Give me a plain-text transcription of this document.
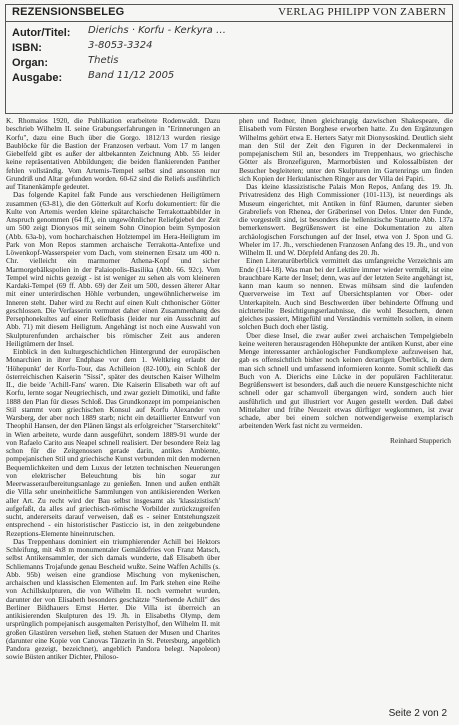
REZENSIONSBELEG	VERLAG PHILIPP VON ZABERN
Autor/Titel: Dierichs · Korfu - Kerkyra …
ISBN:	3-8053-3324
Organ:	Thetis
Ausgabe:	Band 11/12 2005

K. Rhomaios 1920, die Publikation erarbeitete Rodenwaldt. Dazu beschrieb Wilhelm II. seine Grabungserfahrungen in "Erinnerungen an Korfu", dazu eine Buch über die Gorgo. 1812/13 wurden riesige Baublöcke für die Bastion der Franzosen verbaut. Vom 17 m langen Giebelfeld gibt es außer der altbekannten Zeichnung Abb. 55 leider keine repräsentativen Abbildungen; die beiden flankierenden Panther fehlen vollständig. Vom Artemis-Tempel selbst sind ansonsten nur Grundriß und Altar gefunden worden. 60-62 sind die Reliefs ausführlich auf Titanenkämpfe gedeutet.

Das folgende Kapitel faßt Funde aus verschiedenen Heiligtümern zusammen (63-81), die den Götterkult auf Korfu dokumentiert: für die Kulte von Artemis werden kleine spätarchaische Terrakottaabbilder in Anspruch genommen (64 ff.), ein ungewöhnlicher Reliefgiebel der Zeit um 500 zeigt Dionysos mit seinem Sohn Oinopion beim Symposion (Abb. 63a-b), vom hocharchaischen Holztempel im Hera-Heiligtum im Park von Mon Repos stammen archaische Terrakotta-Antefixe und Löwenkopf-Wasserspeier vom Dach, vom steinernen Ersatz um 400 n. Chr. vielleicht ein marmorner Athena-Kopf und sicher Marmorgebälkspolien in der Palaiopolis-Basilika (Abb. 66. 92c). Vom Tempel wird nichts gezeigt - ist ist weniger zu sehen als vom kleineren Kardaki-Tempel (69 ff. Abb. 69) der Zeit um 500, dessen älterer Altar mit einer unterirdischen Höhle verbunden, ungewöhnlicherweise im Inneren steht. Daher wird zu Recht auf einen Kult chthonischer Götter geschlossen. Die Verfasserin vermutet daher einen Zusammenhang des Persephonekultes auf einer Reliefbasis (leider nur ein Ausschnitt auf Abb. 71) mit diesem Heiligtum. Angehängt ist noch eine Auswahl von Skulpturenfunden archaischer bis römischer Zeit aus anderen Heiligtümern der Insel.

Einblick in den kulturgeschichtlichen Hintergrund der europäischen Monarchien in ihrer Endphase vor dem 1. Weltkrieg erlaubt der 'Höhepunkt' der Korfu-Tour, das Achilleion (82-100), ein Schloß der österreichischen Kaiserin "Sissi", später des deutschen Kaiser Wilhelm II., die beide 'Achill-Fans' waren. Die Kaiserin Elisabeth war oft auf Korfu, lernte sogar Neugriechisch, und zwar gezielt Dimotiki, und faßte 1888 den Plan für dieses Schloß. Das Grundkonzept im pompeianischen Stil stammt vom griechischen Konsul auf Korfu Alexander von Warsberg, der aber noch 1889 starb; nicht ein detaillierter Entwurf von Theophil Hansen, der den Plänen längst als erfolgreicher "Starserchitekt" in Wien arbeitete, wurde dann ausgeführt, sondern 1889-91 wurde der von Rafaelo Carito aus Neapel schnell realisiert. Der besondere Reiz lag schon für die Zeitgenossen gerade darin, antikes Ambiente, pompejanischen Stil und griechische Kunst verbunden mit den modernen Bequemlichkeiten und dem Luxus der letzten technischen Neuerungen von elektrischer Beleuchtung bis hin sogar zur Meerwasseraufbereitungsanlage zu genießen. Innen und außen enthält die Villa sehr uneinheitliche Sammlungen von antikisierenden Werken aller Art. Zu recht wird der Bau selbst insgesamt als 'klassizistisch' aufgefaßt, da alles auf griechisch-römische Vorbilder zurückzugreifen sucht, andererseits darauf verweisen, daß es - seiner Entstehungszeit entsprechend - ein historistischer Pasticcio ist, in den zeitgebundene Rezeptions-Elemente hineinrutschen.

Das Treppenhaus dominiert ein triumphierender Achill bei Hektors Schleifung, mit 4x8 m monumentaler Gemäldefries von Franz Matsch, selbst Antikensammler, der sich damals wunderte, daß Elisabeth über Schliemanns Trojafunde genau Bescheid wußte. Seine Waffen Achills (s. Abb. 95b) weisen eine grandiose Mischung von mykenischen, archaischen und klassischen Elementen auf. Im Park stehen eine Reihe von Achillskulpturen, die von Wilhelm II. noch vermehrt wurden, darunter der von Elisabeth besonders geschätzte "Sterbende Achill" des Berliner Bildhauers Ernst Herter. Die Villa ist überreich an antikisierenden Skulpturen des 19. Jh. in Elisabeths Olymp, dem ursprünglich pompejanisch ausgemalten Peristylhof, den Wilhelm II. mit großen Glastüren versehen ließ, stehen Statuen der Musen und Charites (darunter eine Kopie von Canovas Tänzerin in St. Petersburg, angeblich Pandora gezeigt, bezeichnet), angeblich Pandora belegt. Napoleon) sowie Büsten antiker Dichter, Philoso-

phen und Redner, ihnen gleichrangig dazwischen Shakespeare, die Elisabeth vom Fürsten Borghese erworben hatte. Zu den Ergänzungen Wilhelms gehört etwa E. Herters Satyr mit Dionysoskind. Deutlich sieht man den Stil der Zeit den Figuren in der Deckenmalerei in pompejanischem Stil an, besonders im Treppenhaus, wo griechische Götter als Bronzefiguren, Marmorbüsten und Kolossalbüsten der Besucher begleiteten; unter den Skulpturen im Gartenrings um finden sich Kopien der Herkulanischen Ringer aus der Villa dei Papiri.

Das kleine klassizistische Palais Mon Repos, Anfang des 19. Jh. Privatresidenz des High Commissioner (101-113), ist neuerdings als Museum eingerichtet, mit Antiken in fünf Räumen, darunter sieben Grabreliefs von Rhenea, der Gräberinsel von Delos. Unter den Funde, die vorgestellt sind, ist besonders die hellenistische Statuette Abb. 137a bemerkenswert. Begrüßenswert ist eine Dokumentation zu alten archäologischen Forschungen auf der Insel, etwa von J. Spon und G. Wheler im 17. Jh., verschiedenen Franzosen Anfang des 19. Jh., und von Wilhelm II. und W. Dörpfeld Anfang des 20. Jh.

Einen Literaturüberblick vermittelt das umfangreiche Verzeichnis am Ende (114-18). Was man bei der Lektüre immer wieder vermißt, ist eine brauchbare Karte der Insel; denn, was auf der letzten Seite angehängt ist, kann man kaum so nennen. Etwas mühsam sind die laufenden Querverweise im Text auf Übersichtsplanten vor Ober- oder Unterkapiteln. Auch sind Beschwerden über behinderte Öffnung und nichterteilte Besichtigungserlaubnisse, die wohl Besuchern, denen gleiches passiert, Mitgefühl und Verständnis vermitteln sollen, in einem solchen Buch doch eher lästig.

Über diese Insel, die zwar außer zwei archaischen Tempelgiebeln keine weiteren herausragenden Höhepunkte der antiken Kunst, aber eine Menge interessanter archäologischer Fundkomplexe aufzuweisen hat, gab es offensichtlich bisher noch keinen derartigen Überblick, in dem man sich schnell und umfassend informieren konnte. Somit schließt das Buch von A. Dierichs eine Lücke in der populären Fachliteratur. Begrüßenswert ist besonders, daß auch die neuere Kunstgeschichte nicht schnell oder gar schamvoll übergangen wird, sondern auch hier ausführlich und gut illustriert vor Augen gestellt werden. Daß dabei Mittelalter und frühe Neuzeit etwas dürftiger wegkommen, ist zwar schade, aber bei einem solchen notwendigerweise exemplarisch arbeitenden Werk fast nicht zu vermeiden.

Reinhard Stupperich
Seite 2 von 2
